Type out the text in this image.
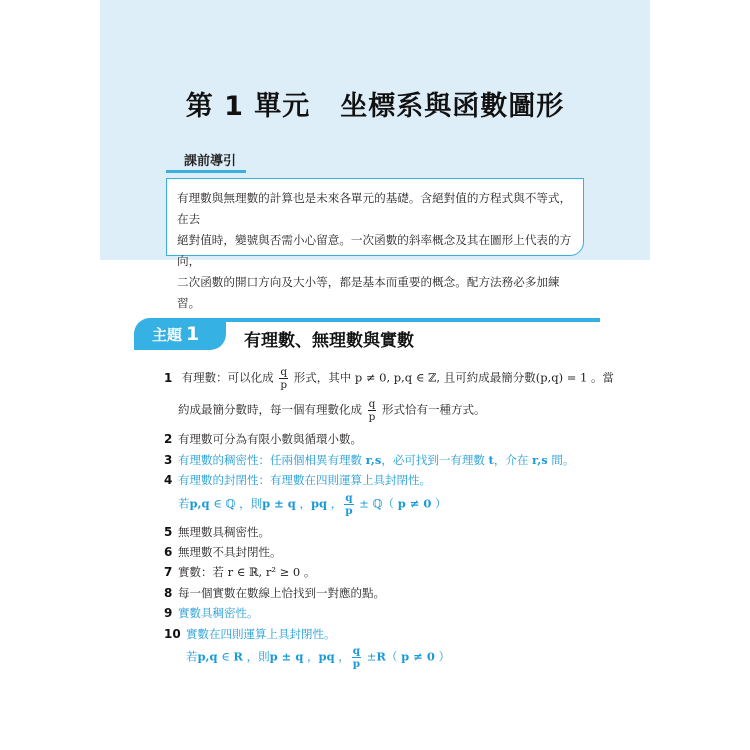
第 1 單元 坐標系與函數圖形
課前導引
有理數與無理數的計算也是未來各單元的基礎。含絕對值的方程式與不等式，在去
絕對值時，變號與否需小心留意。一次函數的斜率概念及其在圖形上代表的方向，
二次函數的開口方向及大小等，都是基本而重要的概念。配方法務必多加練習。
主題 1	有理數、無理數與實數
1 有理數：可以化成 $\frac{q}{p}$ 形式，其中 p ≠ 0, p,q ∈ ℤ, 且可約成最簡分數(p,q) = 1 。當
約成最簡分數時，每一個有理數化成 $\frac{q}{p}$ 形式恰有一種方式。
2 有理數可分為有限小數與循環小數。
3 有理數的稠密性：任兩個相異有理數 r,s，必可找到一有理數 t，介在 r,s 間。
4 有理數的封閉性：有理數在四則運算上具封閉性。
若p,q ∈ ℚ ，則p ± q ，pq ， $\frac{q}{p}$ ± ℚ（ p ≠ 0 ）
5 無理數具稠密性。
6 無理數不具封閉性。
7 實數：若 r ∈ ℝ, r² ≥ 0 。
8 每一個實數在數線上恰找到一對應的點。
9 實數具稠密性。
10 實數在四則運算上具封閉性。
若p,q ∈ R ，則p ± q ，pq ， $\frac{q}{p} \pm R$（ p ≠ 0 ）
